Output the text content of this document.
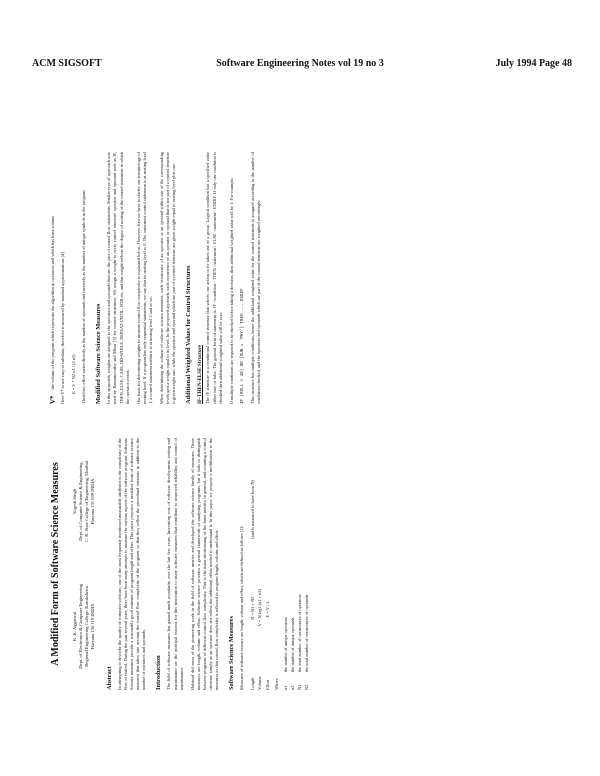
ACM SIGSOFT	Software Engineering Notes vol 19 no 3	July 1994 Page 48
A Modified Form of Software Science Measures K. K. Aggarwal Dept. of Electronics & Computer Engineering Regional Engineering College, Kurukshetra Haryana 136 119 INDIA
Yogesh Singh Dept. of Computer Science & Engineering C. R. State College of Engineering, Murthal Haryana 131 039 INDIA
Abstract In attempting to describe the quality of computer software, one of the most frequently mentioned measurable attributes is the complexity of the flow of control. During the past several years, there have been many attempts to measure the various aspects of the software program. Software Science measures provide a reasonably good estimate of program length and effort. This paper proposes a modified form of software science measures that takes into account the control flow complexity of the program, so that they reflect the procedural structure in addition to the number of operators and operands. Introduction The field of software measures has gained much popularity over the last few years. Increasing cost of software development, testing and maintenance are the principal reasons for this motivation to study software measures that contribute to improved reliability and control of maintenance. Halstead did most of the pioneering work in the field of software metrics and developed the software science family of measures. These measures are length, volume and effort. Software science provides a general framework of analysing programs, but it fails to distinguish between programs of different control flow complexity. This is the main shortcoming of the basic metrics in general, and counting a control structure simply as an operator does not reflect the additional effort needed to understand it. In this paper, we propose a modification to the measures so that control flow complexity is reflected in program length, volume and effort. Software Science Measures Measures of software science are length, volume and effort, which are defined as follows [2]: Length
N = N1 + N2
(and is measured to have been N)
Volume
V = N log2 (n1 + n2)
Effort
E = V / L
Where n1
the number of unique operators
n2
the number of unique operands
N1
the total number of occurrences of operators
N2
the total number of occurrences of operands
V*
the volume of the program which represents the algorithm in operators and which has least volume Here V* is not easy to calculate, therefore is measured by standard approximations [4] E = V * N2 n1 / (2 n2) Therefore, effort varies directly as the number of operands and inversely as the number of unique symbols in the program. Modified Software Science Measures In this approach, weights are assigned to the operators and operands that are the part of control flow statements. Similar type of approach was used by Ramamoorthy and Misra [3] for control structures. We assign a weight to every control structure operator and operand such as IF, THEN, ELSE, CASE, DO-WHILE, REPEAT-UNTIL, FOR etc. and this weight reflects the degree of nesting of the control statement in which the operator occurs. Our basis for determining weights to measure control flow complexity is explained below. However, first we have to clarify our terminology of nesting level. If a program has only sequential statements, we say that its nesting level is 0. The outermost control statement is at nesting level 1, a control statement within it is at nesting level 2 and so on. When determining the volume of software science measures, each occurrence of an operator or an operand within one of the corresponding levels gets a weight equal to its level. In the proposed approach, each occurrence of an operator or operand that is not part of a control structure is given weight one, while the operator and operand which are part of a control structure are given weight equal to nesting level plus one. Additional Weighted Values for Control Structures IF-THEN-ELSE Structure The IF structure is a conditional control structure that selects one action to be taken out of a group. Logical condition has a specified value either true or false. The general form of statement is: IF <condition> THEN <statement> ELSE <statement> ENDIF. If only one condition is checked then additional weighted value will be zero. If multiple conditions are required to be checked before taking a decision, then additional weighted value will be 1. For example, IF (ROLL > 40) OR (SUB = 'PHY') THEN ... ENDIF This structure has multiple conditions, hence the additional weighted value for the control statement is assigned according to the number of conditions checked, and the operators and operands which are part of the control structure are weighted accordingly.
